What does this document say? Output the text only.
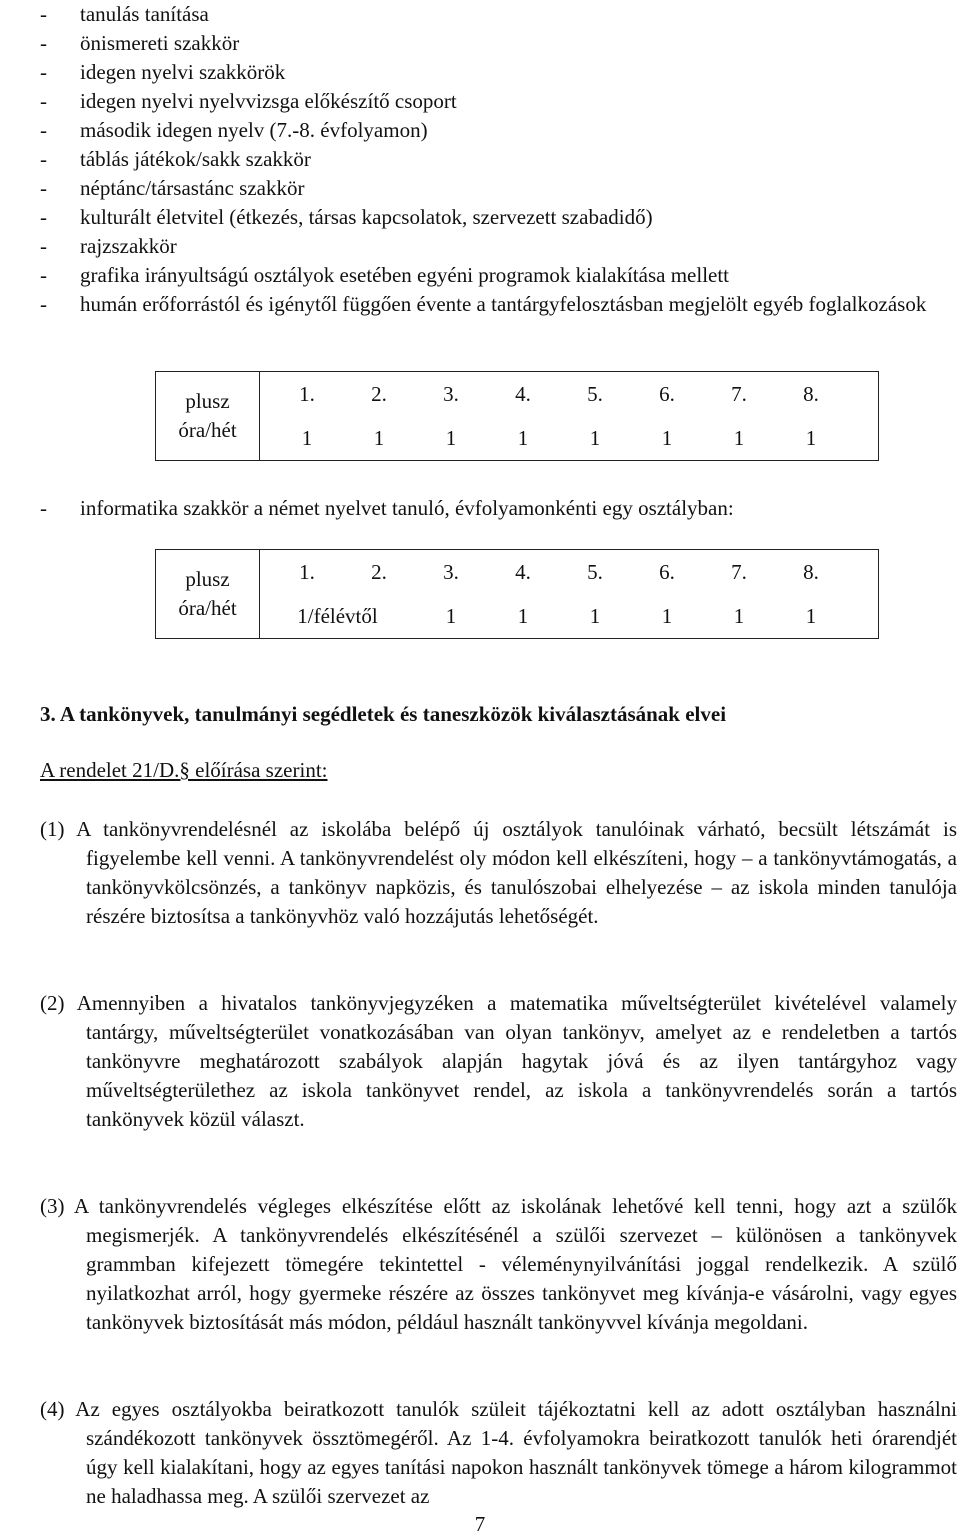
- tanulás tanítása
- önismereti szakkör
- idegen nyelvi szakkörök
- idegen nyelvi nyelvvizsga előkészítő csoport
- második idegen nyelv (7.-8. évfolyamon)
- táblás játékok/sakk szakkör
- néptánc/társastánc szakkör
- kulturált életvitel (étkezés, társas kapcsolatok, szervezett szabadidő)
- rajzszakkör
- grafika irányultságú osztályok esetében egyéni programok kialakítása mellett
- humán erőforrástól és igénytől függően évente a tantárgyfelosztásban megjelölt egyéb foglalkozások
plusz
óra/hét

1.	2.	3.	4.	5.	6.	7.	8.
1	1	1	1	1	1	1	1
-	informatika szakkör a német nyelvet tanuló, évfolyamonkénti egy osztályban:
plusz
óra/hét

1.	2.	3.	4.	5.	6.	7.	8.
1/félévtől	1	1	1	1	1	1
3. A tankönyvek, tanulmányi segédletek és taneszközök kiválasztásának elvei
A rendelet 21/D.§ előírása szerint:

(1) A tankönyvrendelésnél az iskolába belépő új osztályok tanulóinak várható, becsült létszámát is figyelembe kell venni. A tankönyvrendelést oly módon kell elkészíteni, hogy – a tankönyvtámogatás, a tankönyvkölcsönzés, a tankönyv napközis, és tanulószobai elhelyezése – az iskola minden tanulója részére biztosítsa a tankönyvhöz való hozzájutás lehetőségét.

(2) Amennyiben a hivatalos tankönyvjegyzéken a matematika műveltségterület kivételével valamely tantárgy, műveltségterület vonatkozásában van olyan tankönyv, amelyet az e rendeletben a tartós tankönyvre meghatározott szabályok alapján hagytak jóvá és az ilyen tantárgyhoz vagy műveltségterülethez az iskola tankönyvet rendel, az iskola a tankönyvrendelés során a tartós tankönyvek közül választ.

(3) A tankönyvrendelés végleges elkészítése előtt az iskolának lehetővé kell tenni, hogy azt a szülők megismerjék. A tankönyvrendelés elkészítésénél a szülői szervezet – különösen a tankönyvek grammban kifejezett tömegére tekintettel - véleménynyilvánítási joggal rendelkezik. A szülő nyilatkozhat arról, hogy gyermeke részére az összes tankönyvet meg kívánja-e vásárolni, vagy egyes tankönyvek biztosítását más módon, például használt tankönyvvel kívánja megoldani.

(4) Az egyes osztályokba beiratkozott tanulók szüleit tájékoztatni kell az adott osztályban használni szándékozott tankönyvek össztömegéről. Az 1-4. évfolyamokra beiratkozott tanulók heti órarendjét úgy kell kialakítani, hogy az egyes tanítási napokon használt tankönyvek tömege a három kilogrammot ne haladhassa meg. A szülői szervezet az

7
